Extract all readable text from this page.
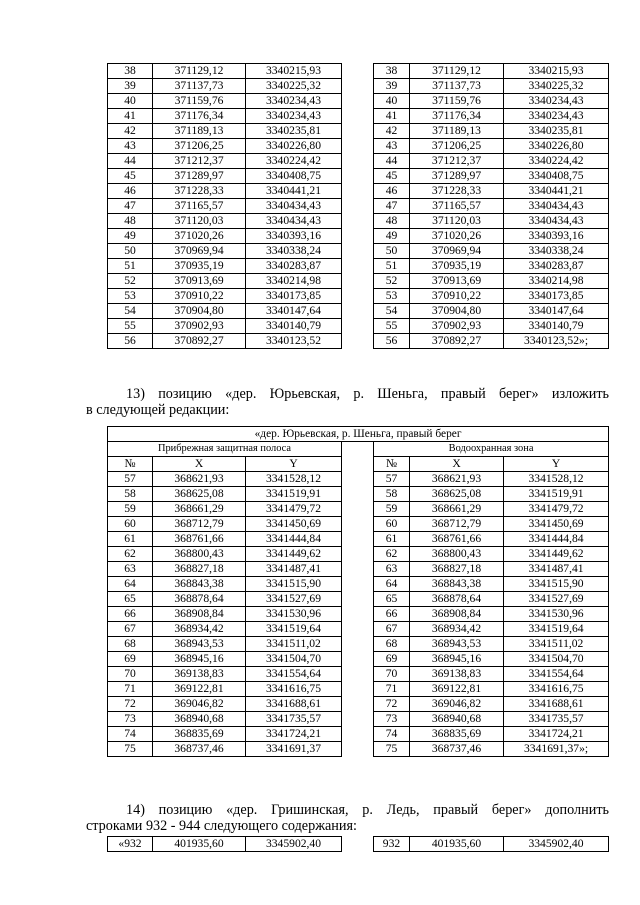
38	371129,12	3340215,93		38	371129,12	3340215,93
39	371137,73	3340225,32		39	371137,73	3340225,32
40	371159,76	3340234,43		40	371159,76	3340234,43
41	371176,34	3340234,43		41	371176,34	3340234,43
42	371189,13	3340235,81		42	371189,13	3340235,81
43	371206,25	3340226,80		43	371206,25	3340226,80
44	371212,37	3340224,42		44	371212,37	3340224,42
45	371289,97	3340408,75		45	371289,97	3340408,75
46	371228,33	3340441,21		46	371228,33	3340441,21
47	371165,57	3340434,43		47	371165,57	3340434,43
48	371120,03	3340434,43		48	371120,03	3340434,43
49	371020,26	3340393,16		49	371020,26	3340393,16
50	370969,94	3340338,24		50	370969,94	3340338,24
51	370935,19	3340283,87		51	370935,19	3340283,87
52	370913,69	3340214,98		52	370913,69	3340214,98
53	370910,22	3340173,85		53	370910,22	3340173,85
54	370904,80	3340147,64		54	370904,80	3340147,64
55	370902,93	3340140,79		55	370902,93	3340140,79
56	370892,27	3340123,52		56	370892,27	3340123,52»;

13) позицию «дер. Юрьевская, р. Шеньга, правый берег» изложить
в следующей редакции:

«дер. Юрьевская, р. Шеньга, правый берег						
Прибрежная защитная полоса				Водоохранная зона		
№	X	Y		№	X	Y
57	368621,93	3341528,12		57	368621,93	3341528,12
58	368625,08	3341519,91		58	368625,08	3341519,91
59	368661,29	3341479,72		59	368661,29	3341479,72
60	368712,79	3341450,69		60	368712,79	3341450,69
61	368761,66	3341444,84		61	368761,66	3341444,84
62	368800,43	3341449,62		62	368800,43	3341449,62
63	368827,18	3341487,41		63	368827,18	3341487,41
64	368843,38	3341515,90		64	368843,38	3341515,90
65	368878,64	3341527,69		65	368878,64	3341527,69
66	368908,84	3341530,96		66	368908,84	3341530,96
67	368934,42	3341519,64		67	368934,42	3341519,64
68	368943,53	3341511,02		68	368943,53	3341511,02
69	368945,16	3341504,70		69	368945,16	3341504,70
70	369138,83	3341554,64		70	369138,83	3341554,64
71	369122,81	3341616,75		71	369122,81	3341616,75
72	369046,82	3341688,61		72	369046,82	3341688,61
73	368940,68	3341735,57		73	368940,68	3341735,57
74	368835,69	3341724,21		74	368835,69	3341724,21
75	368737,46	3341691,37		75	368737,46	3341691,37»;

14) позицию «дер. Гришинская, р. Ледь, правый берег» дополнить
строками 932 - 944 следующего содержания:

«932	401935,60	3345902,40		932	401935,60	3345902,40
